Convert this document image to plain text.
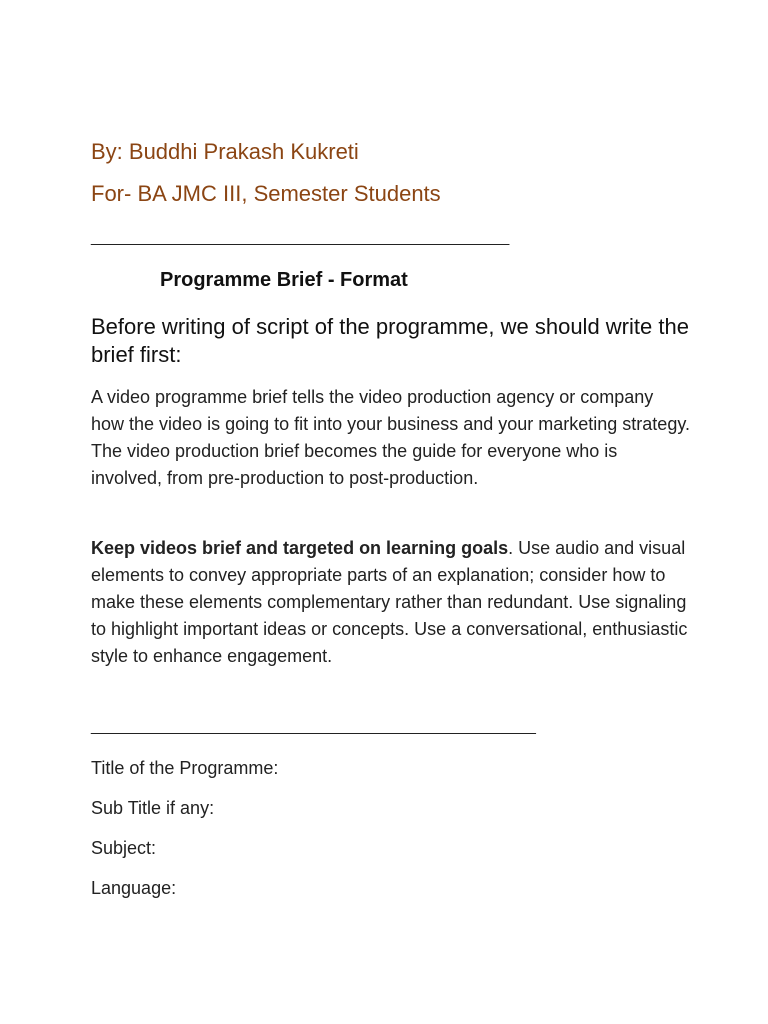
By: Buddhi Prakash Kukreti
For- BA JMC III, Semester Students
_______________________________________________
Programme Brief - Format
Before writing of script of the programme, we should write the brief first:
A video programme brief tells the video production agency or company how the video is going to fit into your business and your marketing strategy. The video production brief becomes the guide for everyone who is involved, from pre-production to post-production.
Keep videos brief and targeted on learning goals. Use audio and visual elements to convey appropriate parts of an explanation; consider how to make these elements complementary rather than redundant. Use signaling to highlight important ideas or concepts. Use a conversational, enthusiastic style to enhance engagement.
__________________________________________________
Title of the Programme:
Sub Title if any:
Subject:
Language:
